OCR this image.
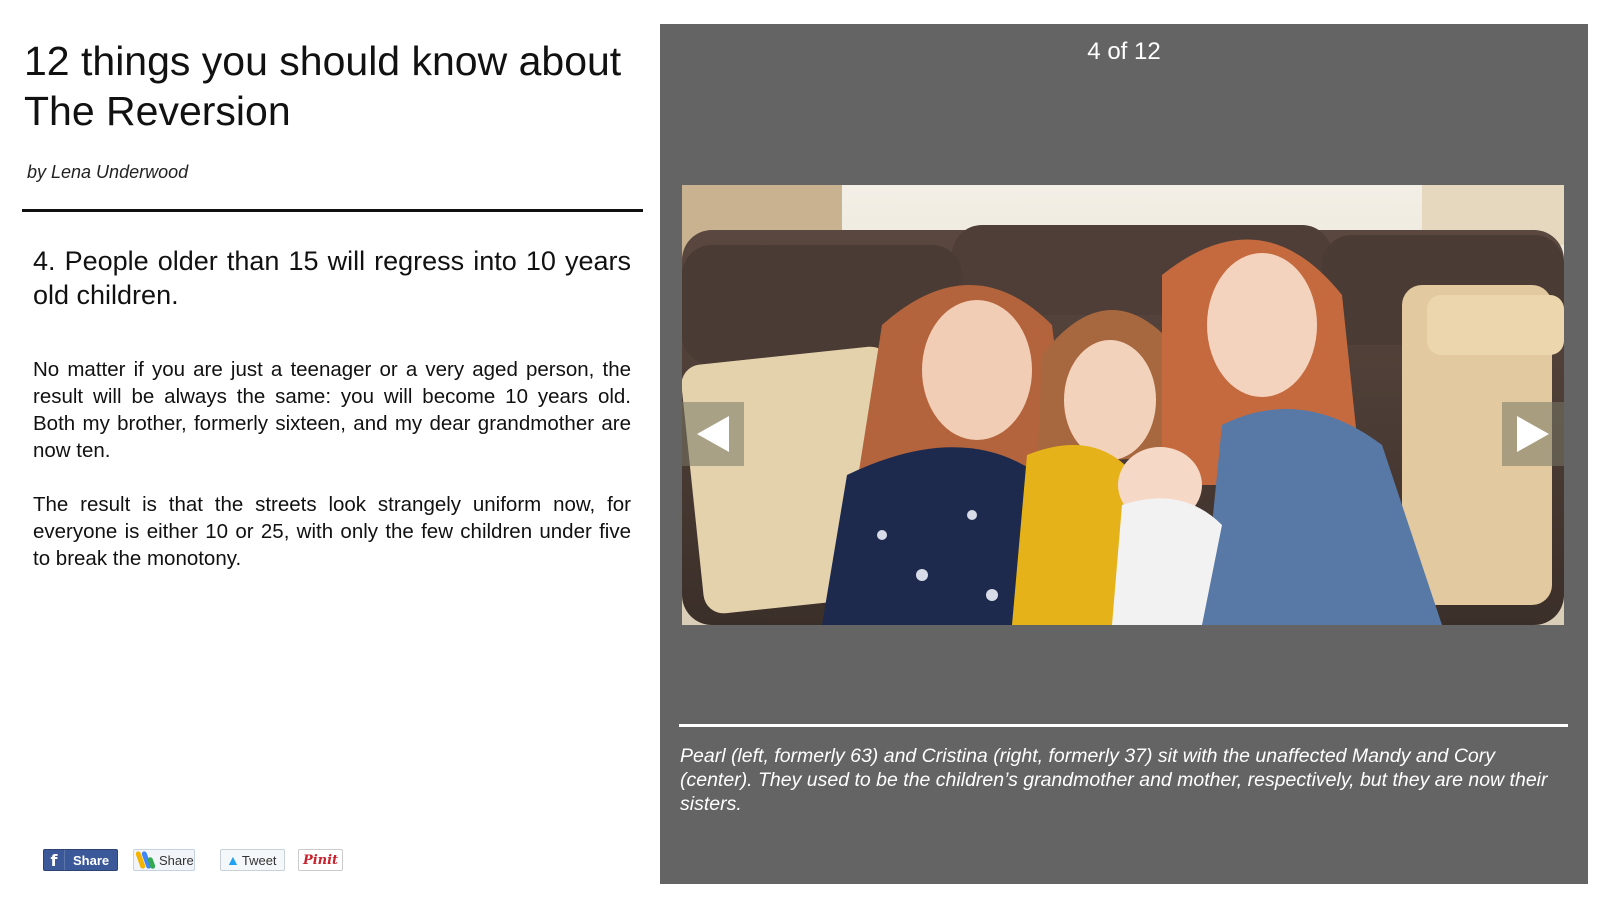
12 things you should know about The Reversion
by Lena Underwood
4. People older than 15 will regress into 10 years old children.

No matter if you are just a teenager or a very aged person, the result will be always the same: you will become 10 years old. Both my brother, formerly sixteen, and my dear grandmother are now ten.

The result is that the streets look strangely uniform now, for everyone is either 10 or 25, with only the few children under five to break the monotony.

f	Share	Share ▲ Tweet Pinit
4 of 12

Pearl (left, formerly 63) and Cristina (right, formerly 37) sit with the unaffected Mandy and Cory (center). They used to be the children’s grandmother and mother, respectively, but they are now their sisters.
